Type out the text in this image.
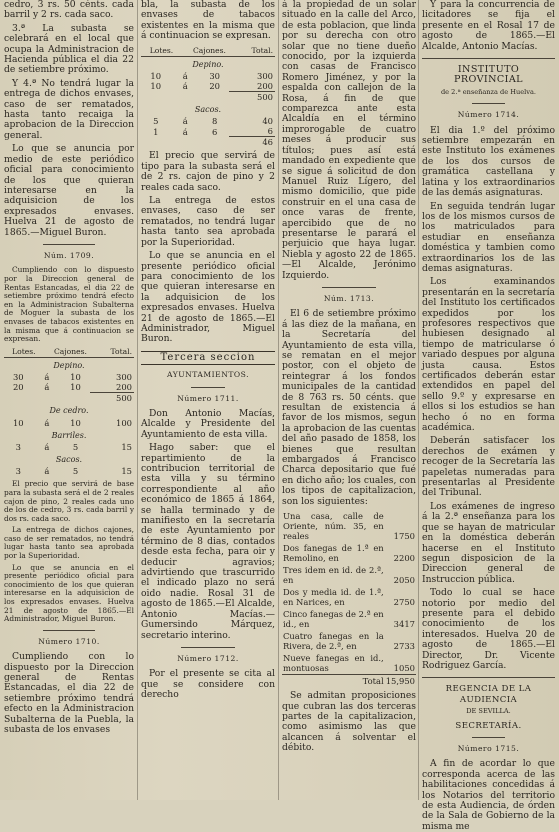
cedro, 3 rs. 50 cénts. cada barril y 2 rs. cada saco.

3.ª La subasta se celebrará en el local que ocupa la Administracion de Hacienda pública el dia 22 de setiembre próximo.

Y 4.ª No tendrá lugar la entrega de dichos envases, caso de ser rematados, hasta tanto recaiga la aprobacion de la Direccion general.

Lo que se anuncia por medio de este periódico oficial para conocimiento de los que quieran interesarse en la adquisicion de los expresados envases. Huelva 21 de agosto de 1865.—Miguel Buron.

Núm. 1709.

Cumpliendo con lo dispuesto por la Direccion general de Rentas Estancadas, el dia 22 de setiembre próximo tendrá efecto en la Administracion Subalterna de Moguer la subasta de los envases de tabacos existentes en la misma que á continuacion se expresan.

Lotes.	Cajones.	Total.
Depino.
30	á	10	300
20	á	10	200
			500
De cedro.
10	á	10	100
Barriles.
3	á	5	15
Sacos.
3	á	5	15

El precio que servirá de base para la subasta será el de 2 reales cajon de pino, 2 reales cada uno de los de cedro, 3 rs. cada barril y dos rs. cada saco.

La entrega de dichos cajones, caso de ser rematados, no tendrá lugar hasta tanto sea aprobada por la Superioridad.

Lo que se anuncia en el presente periódico oficial para conocimiento de los que quieran interesarse en la adquisicion de los expresados envases. Huelva 21 de agosto de 1865.—El Administrador, Miguel Buron.

Número 1710.

Cumpliendo con lo dispuesto por la Direccion general de Rentas Estancadas, el dia 22 de setiembre próximo tendrá efecto en la Administracion Subalterna de la Puebla, la subasta de los envases

bla, la subasta de los envases de tabacos existentes en la misma que á continuacion se expresan.

Lotes.	Cajones.	Total.
Depino.
10	á	30	300
10	á	20	200
			500
Sacos.
5	á	8	40
1	á	6	6
			46

El precio que servirá de tipo para la subasta será el de 2 rs. cajon de pino y 2 reales cada saco.

La entrega de estos envases, caso de ser rematados, no tendrá lugar hasta tanto sea aprobada por la Superioridad.

Lo que se anuncia en el presente periódico oficial para conocimiento de los que quieran interesarse en la adquisicion de los expresados envases. Huelva 21 de agosto de 1865.—El Administrador, Miguel Buron.

Tercera seccion

AYUNTAMIENTOS.

Número 1711.

Don Antonio Macías, Alcalde y Presidente del Ayuntamiento de esta villa.

Hago saber: que el repartimiento de la contribucion territorial de esta villa y su término correspondiente al año económico de 1865 á 1864, se halla terminado y de manifiesto en la secretaría de este Ayuntamiento por término de 8 dias, contados desde esta fecha, para oir y deducir agravios; advirtiendo que trascurrido el indicado plazo no será oido nadie. Rosal 31 de agosto de 1865.—El Alcalde, Antonio Macías.—Gumersindo Márquez, secretario interino.

Número 1712.

Por el presente se cita al que se considere con derecho

á la propiedad de un solar situado en la calle del Arco, de esta poblacion, que linda por su derecha con otro solar que no tiene dueño conocido, por la izquierda con casas de Francisco Romero Jiménez, y por la espalda con callejon de la Rosa, á fin de que comparezca ante esta Alcaldía en el término improrogable de cuatro meses á producir sus títulos; pues así está mandado en expediente que se sigue á solicitud de don Manuel Ruiz Lígero, del mismo domicilio, que pide construir en el una casa de once varas de frente, apercibido que de no presentarse le parará el perjuicio que haya lugar. Niebla y agosto 22 de 1865.—El Alcalde, Jerónimo Izquierdo.

Núm. 1713.

El 6 de setiembre próximo á las diez de la mañana, en la Secretaría del Ayuntamiento de esta villa, se rematan en el mejor postor, con el objeto de reintegrar á los fondos municipales de la cantidad de 8 763 rs. 50 cénts. que resultan de existencia á favor de los mismos, segun la aprobacion de las cuentas del año pasado de 1858, los bienes que resultan embargados á Francisco Charca depositario que fué en dicho año; los cuales, con los tipos de capitalizacion, son los siguientes:

Una casa, calle de Oriente, núm. 35, en reales	1750
Dos fanegas de 1.ª en Remolino, en	2200
Tres idem en id. de 2.ª, en	2050
Dos y media id. de 1.ª, en Narices, en	2750
Cinco fanegas de 2.ª en id., en	3417
Cuatro fanegas en la Rivera, de 2.ª, en	2733
Nueve fanegas en id., montuosas	1050
Total	15,950

Se admitan proposiciones que cubran las dos terceras partes de la capitalizacion, como asimismo las que alcancen á solventar el débito.

Y para la concurrencia de licitadores se fija el presente en el Rosal 17 de agosto de 1865.—El Alcalde, Antonio Macías.

INSTITUTO PROVINCIAL

de 2.ª enseñanza de Huelva.

Número 1714.

El dia 1.º del próximo setiembre empezarán en este Instituto los exámenes de los dos cursos de gramática castellana y latina y los extraordinarios de las demás asignaturas.

En seguida tendrán lugar los de los mismos cursos de los matriculados para estudiar en enseñanza doméstica y tambien como extraordinarios los de las demas asignaturas.

Los examinandos presentarán en la secretaría del Instituto los certificados expedidos por los profesores respectivos que hubiesen designado al tiempo de matricularse ó variado despues por alguna justa causa. Estos certificados deberán estar extendidos en papel del sello 9.º y expresarse en ellos si los estudios se han hecho ó no en forma académica.

Deberán satisfacer los derechos de exámen y recoger de la Secretaría las papeletas numeradas para presentarlas al Presidente del Tribunal.

Los exámenes de ingreso á la 2.ª enseñanza para los que se hayan de matricular en la doméstica deberán hacerse en el Instituto segun disposicion de la Direccion general de Instruccion pública.

Todo lo cual se hace notorio por medio del presente para el debido conocimiento de los interesados. Huelva 20 de agosto de 1865.—El Director, Dr. Vicente Rodriguez García.

REGENCIA DE LA AUDIENCIA

DE SEVILLA.

SECRETARÍA.

Número 1715.

A fin de acordar lo que corresponda acerca de las habilitaciones concedidas á los Notarios del territorio de esta Audiencia, de órden de la Sala de Gobierno de la misma me
